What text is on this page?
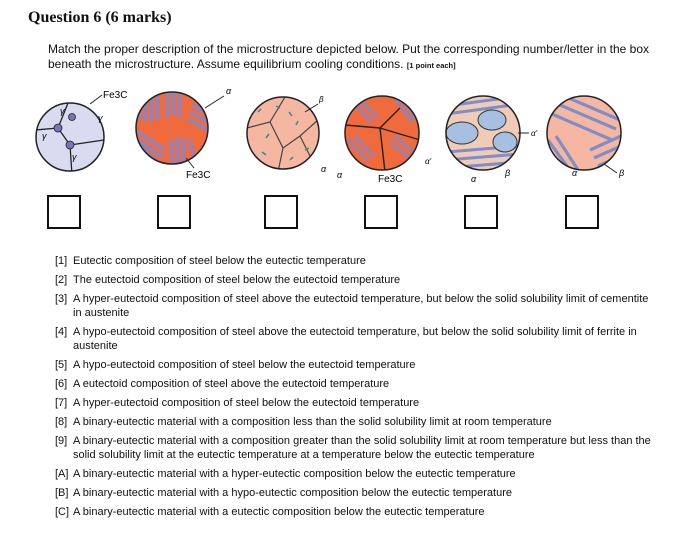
Question 6 (6 marks)
Match the proper description of the microstructure depicted below. Put the corresponding number/letter in the box beneath the microstructure. Assume equilibrium cooling conditions. [1 point each]
γ
γ
γ
γ
Fe3C	α
Fe3C
β
α
α	Fe3C
α'
α'
α
β	α	β
[1] Eutectic composition of steel below the eutectic temperature
[2] The eutectoid composition of steel below the eutectoid temperature
[3] A hyper-eutectoid composition of steel above the eutectoid temperature, but below the solid solubility limit of cementite in austenite
[4] A hypo-eutectoid composition of steel above the eutectoid temperature, but below the solid solubility limit of ferrite in austenite
[5] A hypo-eutectoid composition of steel below the eutectoid temperature
[6] A eutectoid composition of steel above the eutectoid temperature
[7] A hyper-eutectoid composition of steel below the eutectoid temperature
[8] A binary-eutectic material with a composition less than the solid solubility limit at room temperature
[9] A binary-eutectic material with a composition greater than the solid solubility limit at room temperature but less than the solid solubility limit at the eutectic temperature at a temperature below the eutectic temperature
[A] A binary-eutectic material with a hyper-eutectic composition below the eutectic temperature
[B] A binary-eutectic material with a hypo-eutectic composition below the eutectic temperature
[C] A binary-eutectic material with a eutectic composition below the eutectic temperature
